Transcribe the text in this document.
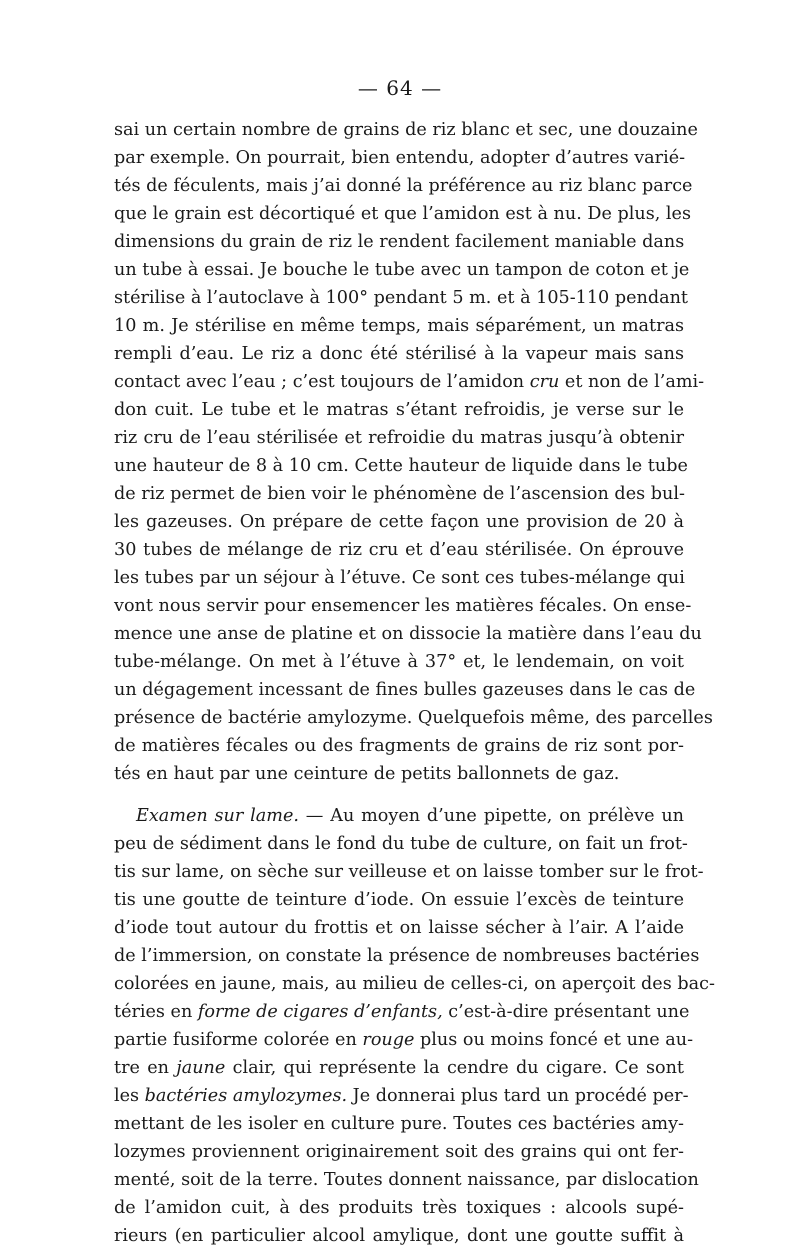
— 64 —
sai un certain nombre de grains de riz blanc et sec, une douzaine
par exemple. On pourrait, bien entendu, adopter d’autres varié-
tés de féculents, mais j’ai donné la préférence au riz blanc parce
que le grain est décortiqué et que l’amidon est à nu. De plus, les
dimensions du grain de riz le rendent facilement maniable dans
un tube à essai. Je bouche le tube avec un tampon de coton et je
stérilise à l’autoclave à 100° pendant 5 m. et à 105-110 pendant
10 m. Je stérilise en même temps, mais séparément, un matras
rempli d’eau. Le riz a donc été stérilisé à la vapeur mais sans
contact avec l’eau ; c’est toujours de l’amidon cru et non de l’ami-
don cuit. Le tube et le matras s’étant refroidis, je verse sur le
riz cru de l’eau stérilisée et refroidie du matras jusqu’à obtenir
une hauteur de 8 à 10 cm. Cette hauteur de liquide dans le tube
de riz permet de bien voir le phénomène de l’ascension des bul-
les gazeuses. On prépare de cette façon une provision de 20 à
30 tubes de mélange de riz cru et d’eau stérilisée. On éprouve
les tubes par un séjour à l’étuve. Ce sont ces tubes-mélange qui
vont nous servir pour ensemencer les matières fécales. On ense-
mence une anse de platine et on dissocie la matière dans l’eau du
tube-mélange. On met à l’étuve à 37° et, le lendemain, on voit
un dégagement incessant de fines bulles gazeuses dans le cas de
présence de bactérie amylozyme. Quelquefois même, des parcelles
de matières fécales ou des fragments de grains de riz sont por-
tés en haut par une ceinture de petits ballonnets de gaz.
Examen sur lame. — Au moyen d’une pipette, on prélève un
peu de sédiment dans le fond du tube de culture, on fait un frot-
tis sur lame, on sèche sur veilleuse et on laisse tomber sur le frot-
tis une goutte de teinture d’iode. On essuie l’excès de teinture
d’iode tout autour du frottis et on laisse sécher à l’air. A l’aide
de l’immersion, on constate la présence de nombreuses bactéries
colorées en jaune, mais, au milieu de celles-ci, on aperçoit des bac-
téries en forme de cigares d’enfants, c’est-à-dire présentant une
partie fusiforme colorée en rouge plus ou moins foncé et une au-
tre en jaune clair, qui représente la cendre du cigare. Ce sont
les bactéries amylozymes. Je donnerai plus tard un procédé per-
mettant de les isoler en culture pure. Toutes ces bactéries amy-
lozymes proviennent originairement soit des grains qui ont fer-
menté, soit de la terre. Toutes donnent naissance, par dislocation
de l’amidon cuit, à des produits très toxiques : alcools supé-
rieurs (en particulier alcool amylique, dont une goutte suffit à
